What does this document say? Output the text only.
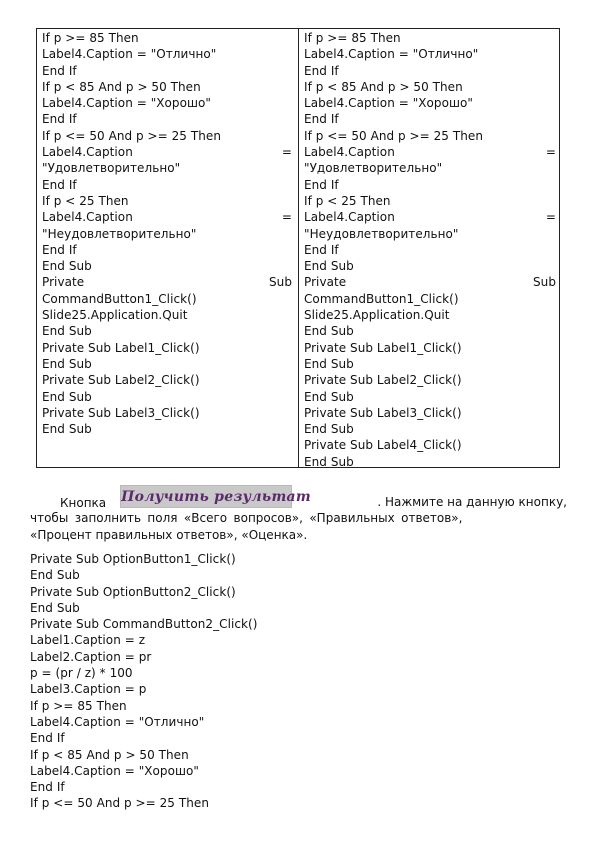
If p >= 85 Then
Label4.Caption = "Отлично"
End If
If p < 85 And p > 50 Then
Label4.Caption = "Хорошо"
End If
If p <= 50 And p >= 25 Then
Label4.Caption	=
"Удовлетворительно"
End If
If p < 25 Then
Label4.Caption	=
"Неудовлетворительно"
End If
End Sub
Private	Sub
CommandButton1_Click()
Slide25.Application.Quit
End Sub
Private Sub Label1_Click()
End Sub
Private Sub Label2_Click()
End Sub
Private Sub Label3_Click()
End Sub
If p >= 85 Then
Label4.Caption = "Отлично"
End If
If p < 85 And p > 50 Then
Label4.Caption = "Хорошо"
End If
If p <= 50 And p >= 25 Then
Label4.Caption	=
"Удовлетворительно"
End If
If p < 25 Then
Label4.Caption	=
"Неудовлетворительно"
End If
End Sub
Private	Sub
CommandButton1_Click()
Slide25.Application.Quit
End Sub
Private Sub Label1_Click()
End Sub
Private Sub Label2_Click()
End Sub
Private Sub Label3_Click()
End Sub
Private Sub Label4_Click()
End Sub
Кнопка Получить результат	. Нажмите на данную кнопку,
чтобы заполнить поля «Всего вопросов», «Правильных ответов»,
«Процент правильных ответов», «Оценка».
Private Sub OptionButton1_Click()
End Sub
Private Sub OptionButton2_Click()
End Sub
Private Sub CommandButton2_Click()
Label1.Caption = z
Label2.Caption = pr
p = (pr / z) * 100
Label3.Caption = p
If p >= 85 Then
Label4.Caption = "Отлично"
End If
If p < 85 And p > 50 Then
Label4.Caption = "Хорошо"
End If
If p <= 50 And p >= 25 Then
